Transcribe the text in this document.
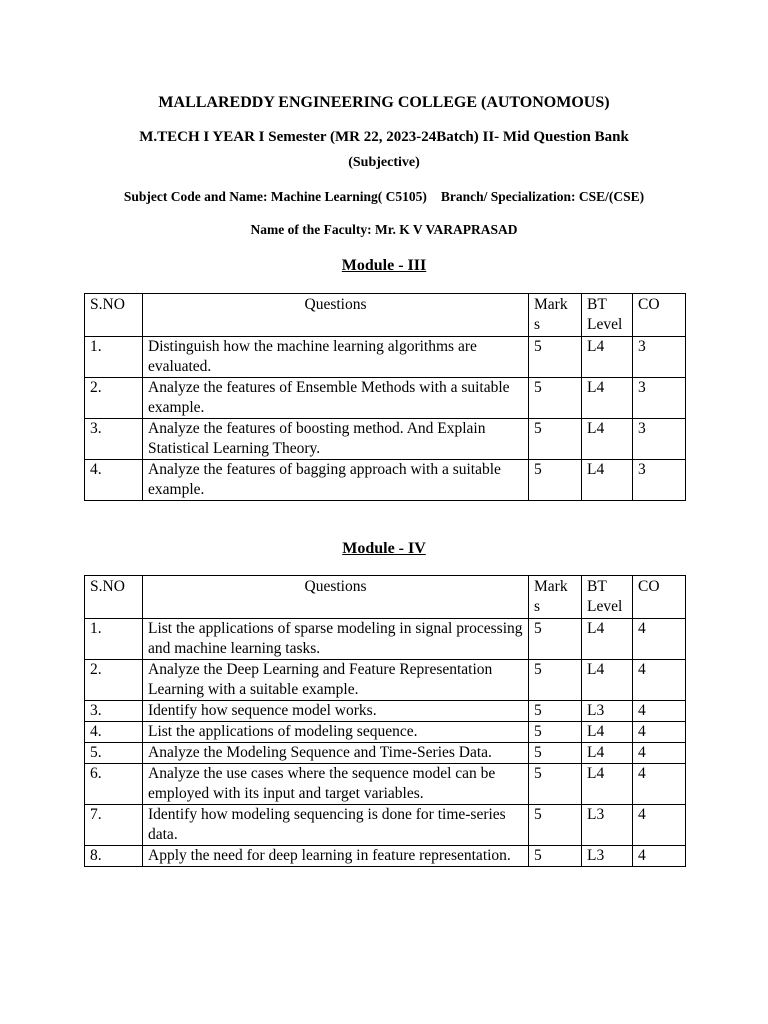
MALLAREDDY ENGINEERING COLLEGE (AUTONOMOUS)
M.TECH I YEAR I Semester (MR 22, 2023-24Batch) II- Mid Question Bank
(Subjective)
Subject Code and Name: Machine Learning( C5105) Branch/ Specialization: CSE/(CSE)
Name of the Faculty: Mr. K V VARAPRASAD
Module - III
S.NO	Questions	Mark s	BT Level	CO
1.	Distinguish how the machine learning algorithms are evaluated.	5	L4	3
2.	Analyze the features of Ensemble Methods with a suitable example.	5	L4	3
3.	Analyze the features of boosting method. And Explain Statistical Learning Theory.	5	L4	3
4.	Analyze the features of bagging approach with a suitable example.	5	L4	3
Module - IV
S.NO	Questions	Mark s	BT Level	CO
1.	List the applications of sparse modeling in signal processing and machine learning tasks.	5	L4	4
2.	Analyze the Deep Learning and Feature Representation Learning with a suitable example.	5	L4	4
3.	Identify how sequence model works.	5	L3	4
4.	List the applications of modeling sequence.	5	L4	4
5.	Analyze the Modeling Sequence and Time-Series Data.	5	L4	4
6.	Analyze the use cases where the sequence model can be employed with its input and target variables.	5	L4	4
7.	Identify how modeling sequencing is done for time-series data.	5	L3	4
8.	Apply the need for deep learning in feature representation.	5	L3	4
